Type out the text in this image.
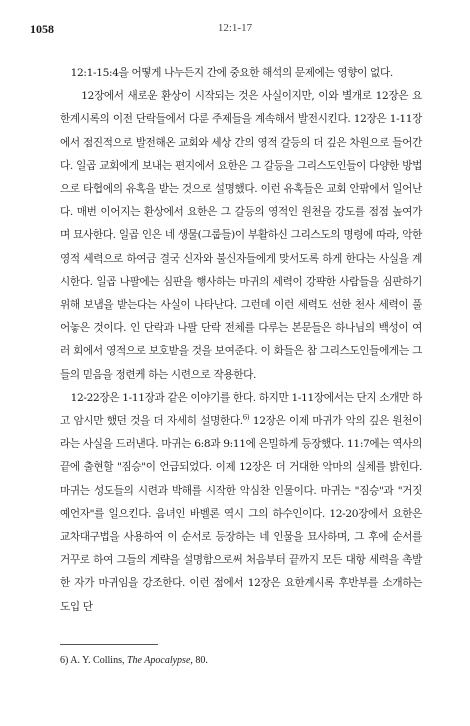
1058	12:1-17

12:1-15:4을 어떻게 나누든지 간에 중요한 해석의 문제에는 영향이 없다.

12장에서 새로운 환상이 시작되는 것은 사실이지만, 이와 별개로 12장은 요한계시록의 이전 단락들에서 다룬 주제들을 계속해서 발전시킨다. 12장은 1-11장에서 점진적으로 발전해온 교회와 세상 간의 영적 갈등의 더 깊은 차원으로 들어간다. 일곱 교회에게 보내는 편지에서 요한은 그 갈등을 그리스도인들이 다양한 방법으로 타협에의 유혹을 받는 것으로 설명했다. 이런 유혹들은 교회 안팎에서 일어난다. 매번 이어지는 환상에서 요한은 그 갈등의 영적인 원천을 강도를 점점 높여가며 묘사한다. 일곱 인은 네 생물(그룹들)이 부활하신 그리스도의 명령에 따라, 악한 영적 세력으로 하여금 결국 신자와 불신자들에게 맞서도록 하게 한다는 사실을 계시한다. 일곱 나팔에는 심판을 행사하는 마귀의 세력이 강퍅한 사람들을 심판하기 위해 보냄을 받는다는 사실이 나타난다. 그런데 이런 세력도 선한 천사 세력이 풀어놓은 것이다. 인 단락과 나팔 단락 전체를 다루는 본문들은 하나님의 백성이 여러 회에서 영적으로 보호받을 것을 보여준다. 이 화들은 참 그리스도인들에게는 그들의 믿음을 정련케 하는 시련으로 작용한다.

12-22장은 1-11장과 같은 이야기를 한다. 하지만 1-11장에서는 단지 소개만 하고 암시만 했던 것을 더 자세히 설명한다.$^{6)}$ 12장은 이제 마귀가 악의 깊은 원천이라는 사실을 드러낸다. 마귀는 6:8과 9:11에 은밀하게 등장했다. 11:7에는 역사의 끝에 출현할 "짐승"이 언급되었다. 이제 12장은 더 거대한 악마의 실체를 밝힌다. 마귀는 성도들의 시련과 박해를 시작한 악심찬 인물이다. 마귀는 "짐승"과 "거짓 예언자"를 일으킨다. 음녀인 바벨론 역시 그의 하수인이다. 12-20장에서 요한은 교차대구법을 사용하여 이 순서로 등장하는 네 인물을 묘사하며, 그 후에 순서를 거꾸로 하여 그들의 계략을 설명함으로써 처음부터 끝까지 모든 대항 세력을 촉발한 자가 마귀임을 강조한다. 이런 점에서 12장은 요한계시록 후반부를 소개하는 도입 단

6) A. Y. Collins, The Apocalypse, 80.
